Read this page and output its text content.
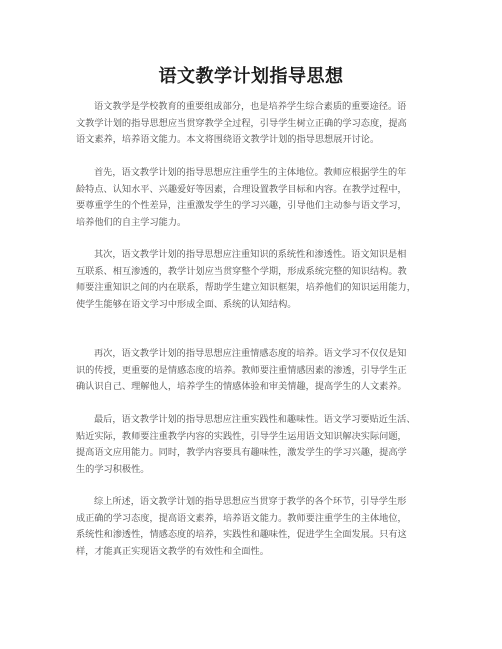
语文教学计划指导思想

语文教学是学校教育的重要组成部分，也是培养学生综合素质的重要途径。语
文教学计划的指导思想应当贯穿教学全过程，引导学生树立正确的学习态度，提高
语文素养，培养语文能力。本文将围绕语文教学计划的指导思想展开讨论。

首先，语文教学计划的指导思想应注重学生的主体地位。教师应根据学生的年
龄特点、认知水平、兴趣爱好等因素，合理设置教学目标和内容。在教学过程中，
要尊重学生的个性差异，注重激发学生的学习兴趣，引导他们主动参与语文学习，
培养他们的自主学习能力。

其次，语文教学计划的指导思想应注重知识的系统性和渗透性。语文知识是相
互联系、相互渗透的，教学计划应当贯穿整个学期，形成系统完整的知识结构。教
师要注重知识之间的内在联系，帮助学生建立知识框架，培养他们的知识运用能力，
使学生能够在语文学习中形成全面、系统的认知结构。

再次，语文教学计划的指导思想应注重情感态度的培养。语文学习不仅仅是知
识的传授，更重要的是情感态度的培养。教师要注重情感因素的渗透，引导学生正
确认识自己、理解他人，培养学生的情感体验和审美情趣，提高学生的人文素养。

最后，语文教学计划的指导思想应注重实践性和趣味性。语文学习要贴近生活、
贴近实际，教师要注重教学内容的实践性，引导学生运用语文知识解决实际问题，
提高语文应用能力。同时，教学内容要具有趣味性，激发学生的学习兴趣，提高学
生的学习积极性。

综上所述，语文教学计划的指导思想应当贯穿于教学的各个环节，引导学生形
成正确的学习态度，提高语文素养，培养语文能力。教师要注重学生的主体地位，
系统性和渗透性，情感态度的培养，实践性和趣味性，促进学生全面发展。只有这
样，才能真正实现语文教学的有效性和全面性。
